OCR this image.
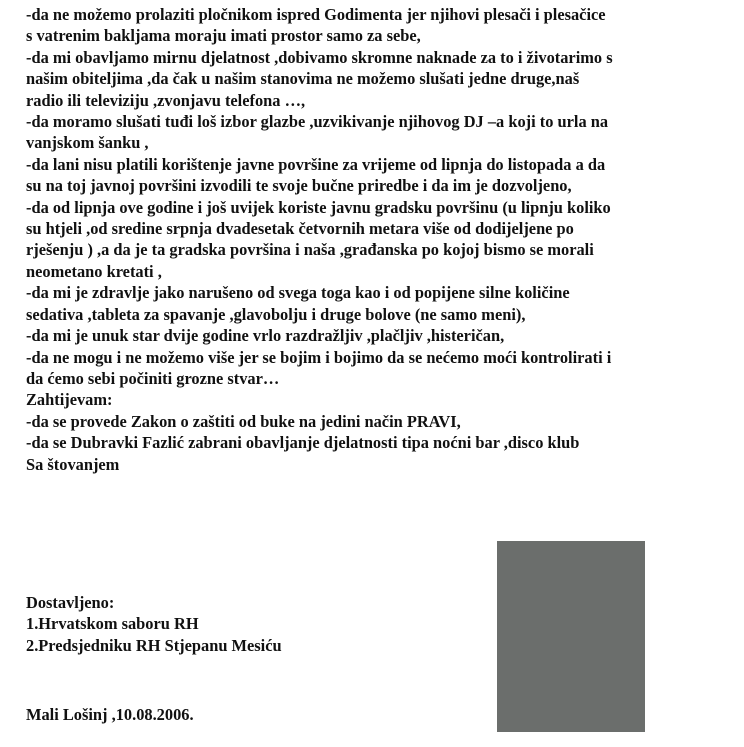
-da ne možemo prolaziti pločnikom ispred Godimenta jer njihovi plesači i plesačice
s vatrenim bakljama moraju imati prostor samo za sebe,
-da mi obavljamo mirnu djelatnost ,dobivamo skromne naknade za to i životarimo s
našim obiteljima ,da čak u našim stanovima ne možemo slušati jedne druge,naš
radio ili televiziju ,zvonjavu telefona …,
-da moramo slušati tuđi loš izbor glazbe ,uzvikivanje njihovog DJ –a koji to urla na
vanjskom šanku ,
-da lani nisu platili korištenje javne površine za vrijeme od lipnja do listopada a da
su na toj javnoj površini izvodili te svoje bučne priredbe i da im je dozvoljeno,
-da od lipnja ove godine i još uvijek koriste javnu gradsku površinu (u lipnju koliko
su htjeli ,od sredine srpnja dvadesetak četvornih metara više od dodijeljene po
rješenju ) ,a da je ta gradska površina i naša ,građanska po kojoj bismo se morali
neometano kretati ,
-da mi je zdravlje jako narušeno od svega toga kao i od popijene silne količine
sedativa ,tableta za spavanje ,glavobolju i druge bolove (ne samo meni),
-da mi je unuk star dvije godine vrlo razdražljiv ,plačljiv ,histeričan,
-da ne mogu i ne možemo više jer se bojim i bojimo da se nećemo moći kontrolirati i
da ćemo sebi počiniti grozne stvar…
Zahtijevam:
-da se provede Zakon o zaštiti od buke na jedini način PRAVI,
-da se Dubravki Fazlić zabrani obavljanje djelatnosti tipa noćni bar ,disco klub
Sa štovanjem
Dostavljeno:
1.Hrvatskom saboru RH
2.Predsjedniku RH Stjepanu Mesiću
Mali Lošinj ,10.08.2006.
